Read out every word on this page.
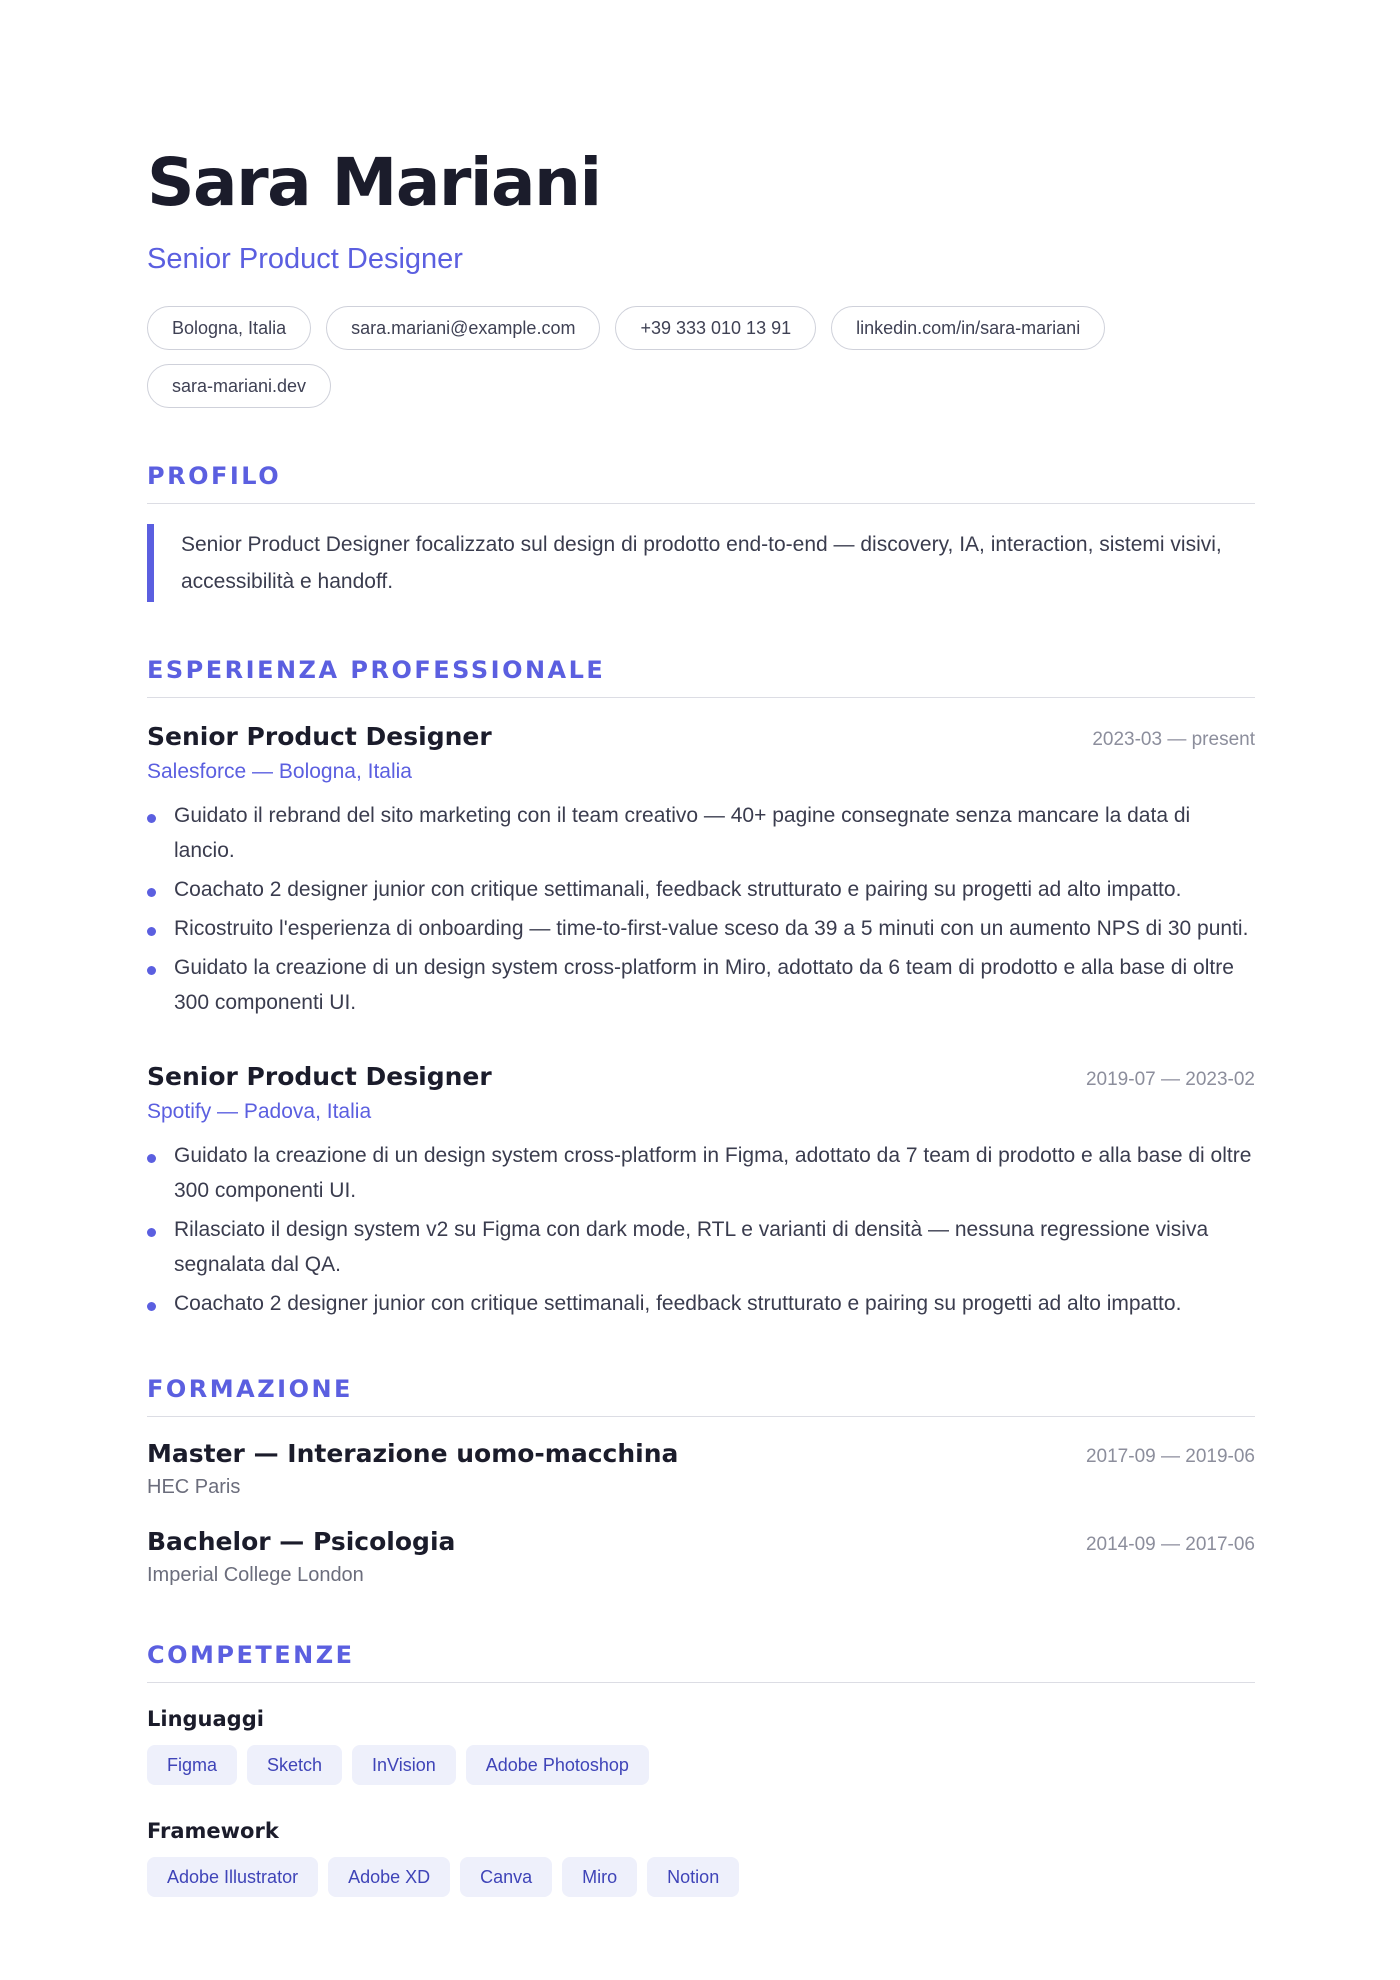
Sara Mariani
Senior Product Designer
Bologna, Italia	sara.mariani@example.com	+39 333 010 13 91	linkedin.com/in/sara-mariani
sara-mariani.dev
PROFILO
Senior Product Designer focalizzato sul design di prodotto end-to-end — discovery, IA, interaction, sistemi visivi, accessibilità e handoff.
ESPERIENZA PROFESSIONALE
Senior Product Designer	2023-03 — present
Salesforce — Bologna, Italia
Guidato il rebrand del sito marketing con il team creativo — 40+ pagine consegnate senza mancare la data di lancio.
Coachato 2 designer junior con critique settimanali, feedback strutturato e pairing su progetti ad alto impatto.
Ricostruito l'esperienza di onboarding — time-to-first-value sceso da 39 a 5 minuti con un aumento NPS di 30 punti.
Guidato la creazione di un design system cross-platform in Miro, adottato da 6 team di prodotto e alla base di oltre 300 componenti UI.
Senior Product Designer	2019-07 — 2023-02
Spotify — Padova, Italia
Guidato la creazione di un design system cross-platform in Figma, adottato da 7 team di prodotto e alla base di oltre 300 componenti UI.
Rilasciato il design system v2 su Figma con dark mode, RTL e varianti di densità — nessuna regressione visiva segnalata dal QA.
Coachato 2 designer junior con critique settimanali, feedback strutturato e pairing su progetti ad alto impatto.
FORMAZIONE
Master — Interazione uomo-macchina	2017-09 — 2019-06
HEC Paris
Bachelor — Psicologia	2014-09 — 2017-06
Imperial College London
COMPETENZE
Linguaggi
Figma	Sketch	InVision	Adobe Photoshop
Framework
Adobe Illustrator	Adobe XD	Canva	Miro	Notion
